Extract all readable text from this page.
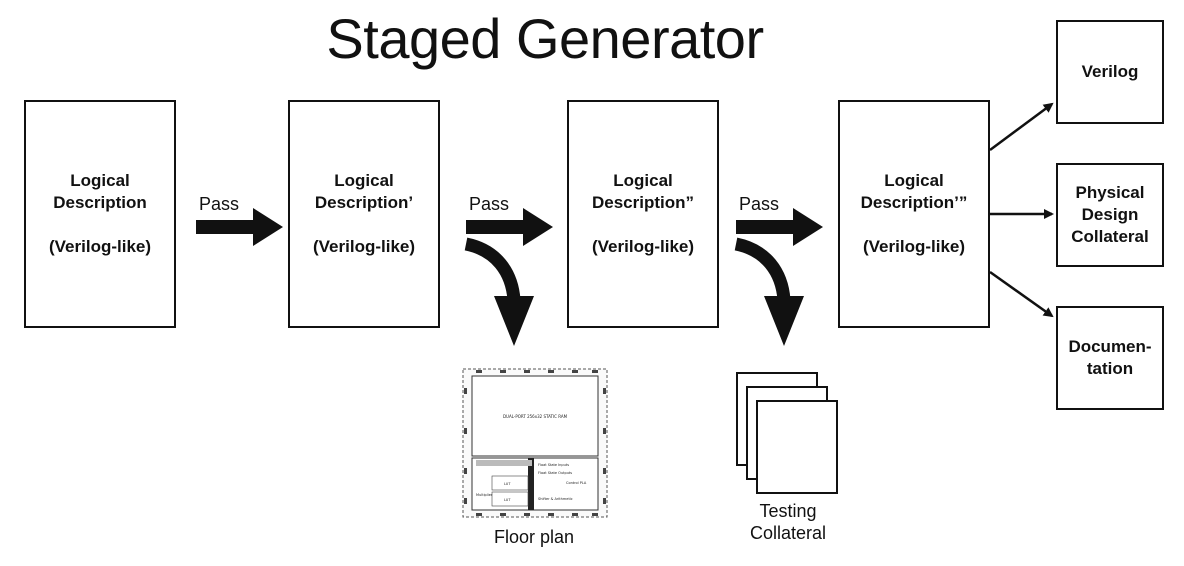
Staged Generator
Logical
Description
(Verilog-like)
Logical
Description’
(Verilog-like)
Logical
Description”
(Verilog-like)
Logical
Description’”
(Verilog-like)
Pass	Pass	Pass
Verilog
Physical
Design
Collateral
Documen-
tation
DUAL-PORT 256x32 STATIC RAM
Float State Inputs
Float State Outputs
Control PLA
Shifter & Arithmetic
Multiplier
LUT
LUT
Floor plan
Testing
Collateral
